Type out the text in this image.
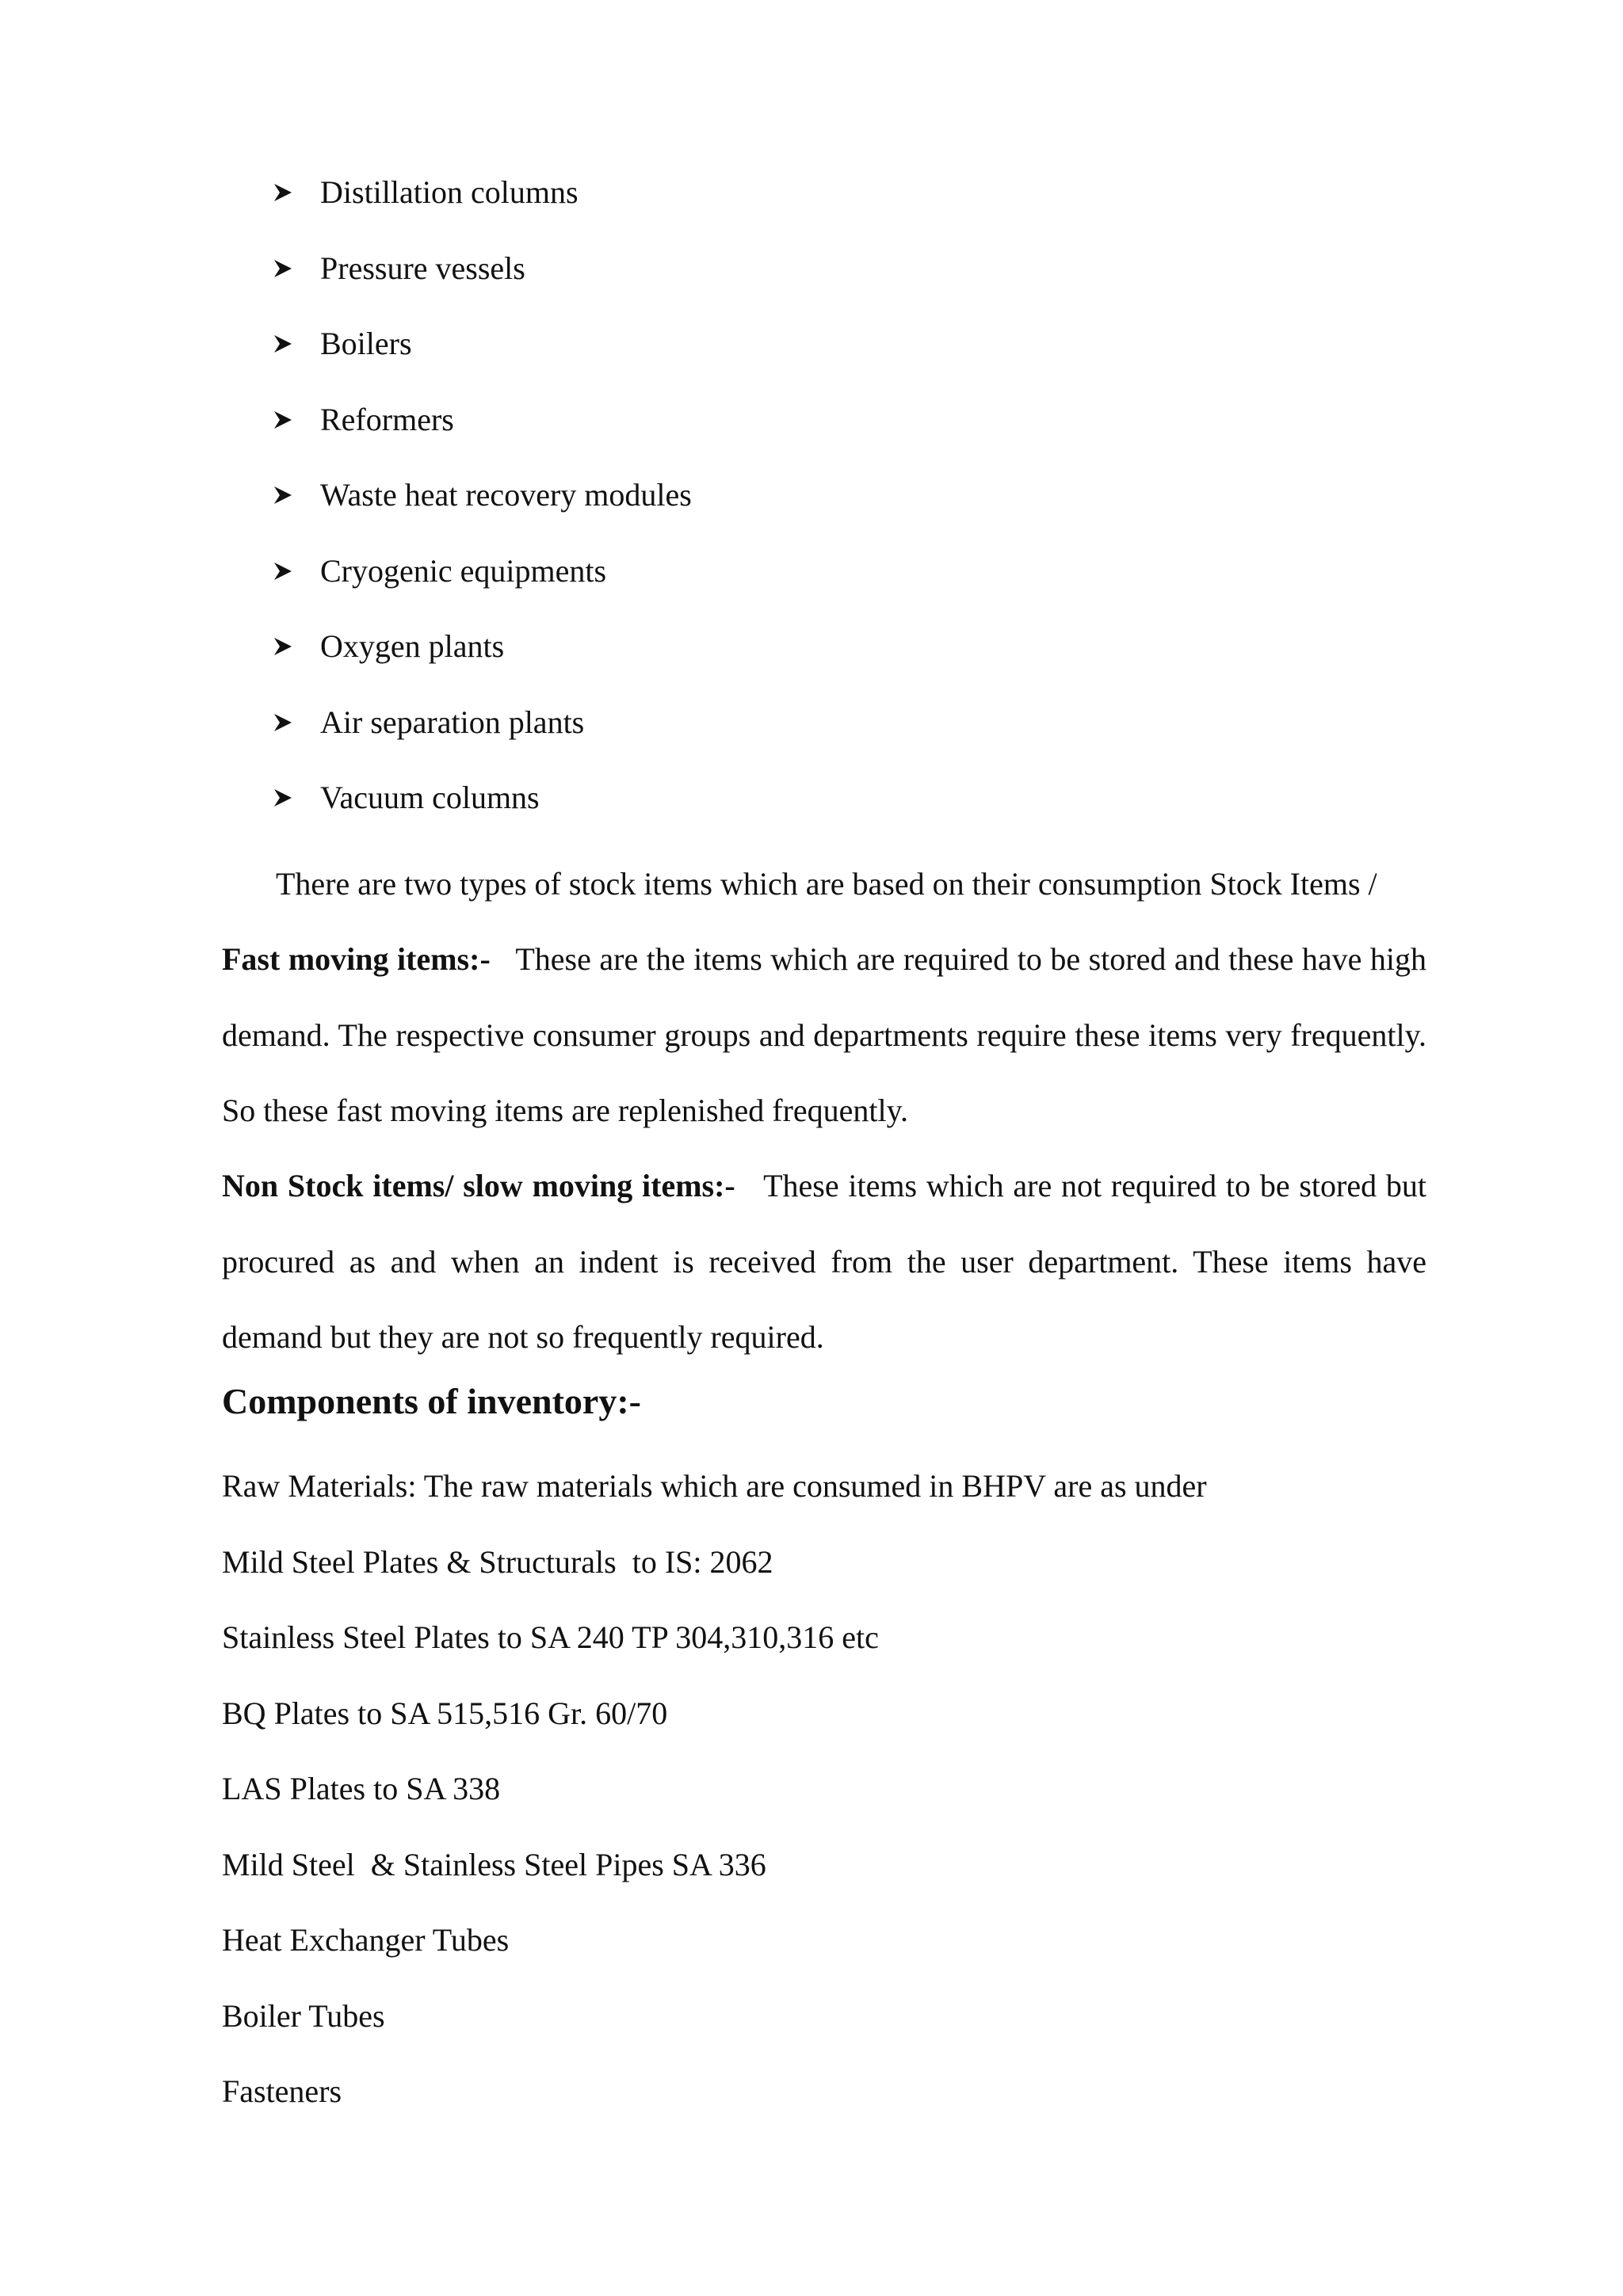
Distillation columns
Pressure vessels
Boilers
Reformers
Waste heat recovery modules
Cryogenic equipments
Oxygen plants
Air separation plants
Vacuum columns

There are two types of stock items which are based on their consumption Stock Items /

Fast moving items:- These are the items which are required to be stored and these have high demand. The respective consumer groups and departments require these items very frequently. So these fast moving items are replenished frequently.

Non Stock items/ slow moving items:- These items which are not required to be stored but procured as and when an indent is received from the user department. These items have demand but they are not so frequently required.

Components of inventory:-
Raw Materials: The raw materials which are consumed in BHPV are as under
Mild Steel Plates & Structurals  to IS: 2062
Stainless Steel Plates to SA 240 TP 304,310,316 etc
BQ Plates to SA 515,516 Gr. 60/70
LAS Plates to SA 338
Mild Steel  & Stainless Steel Pipes SA 336
Heat Exchanger Tubes
Boiler Tubes
Fasteners
